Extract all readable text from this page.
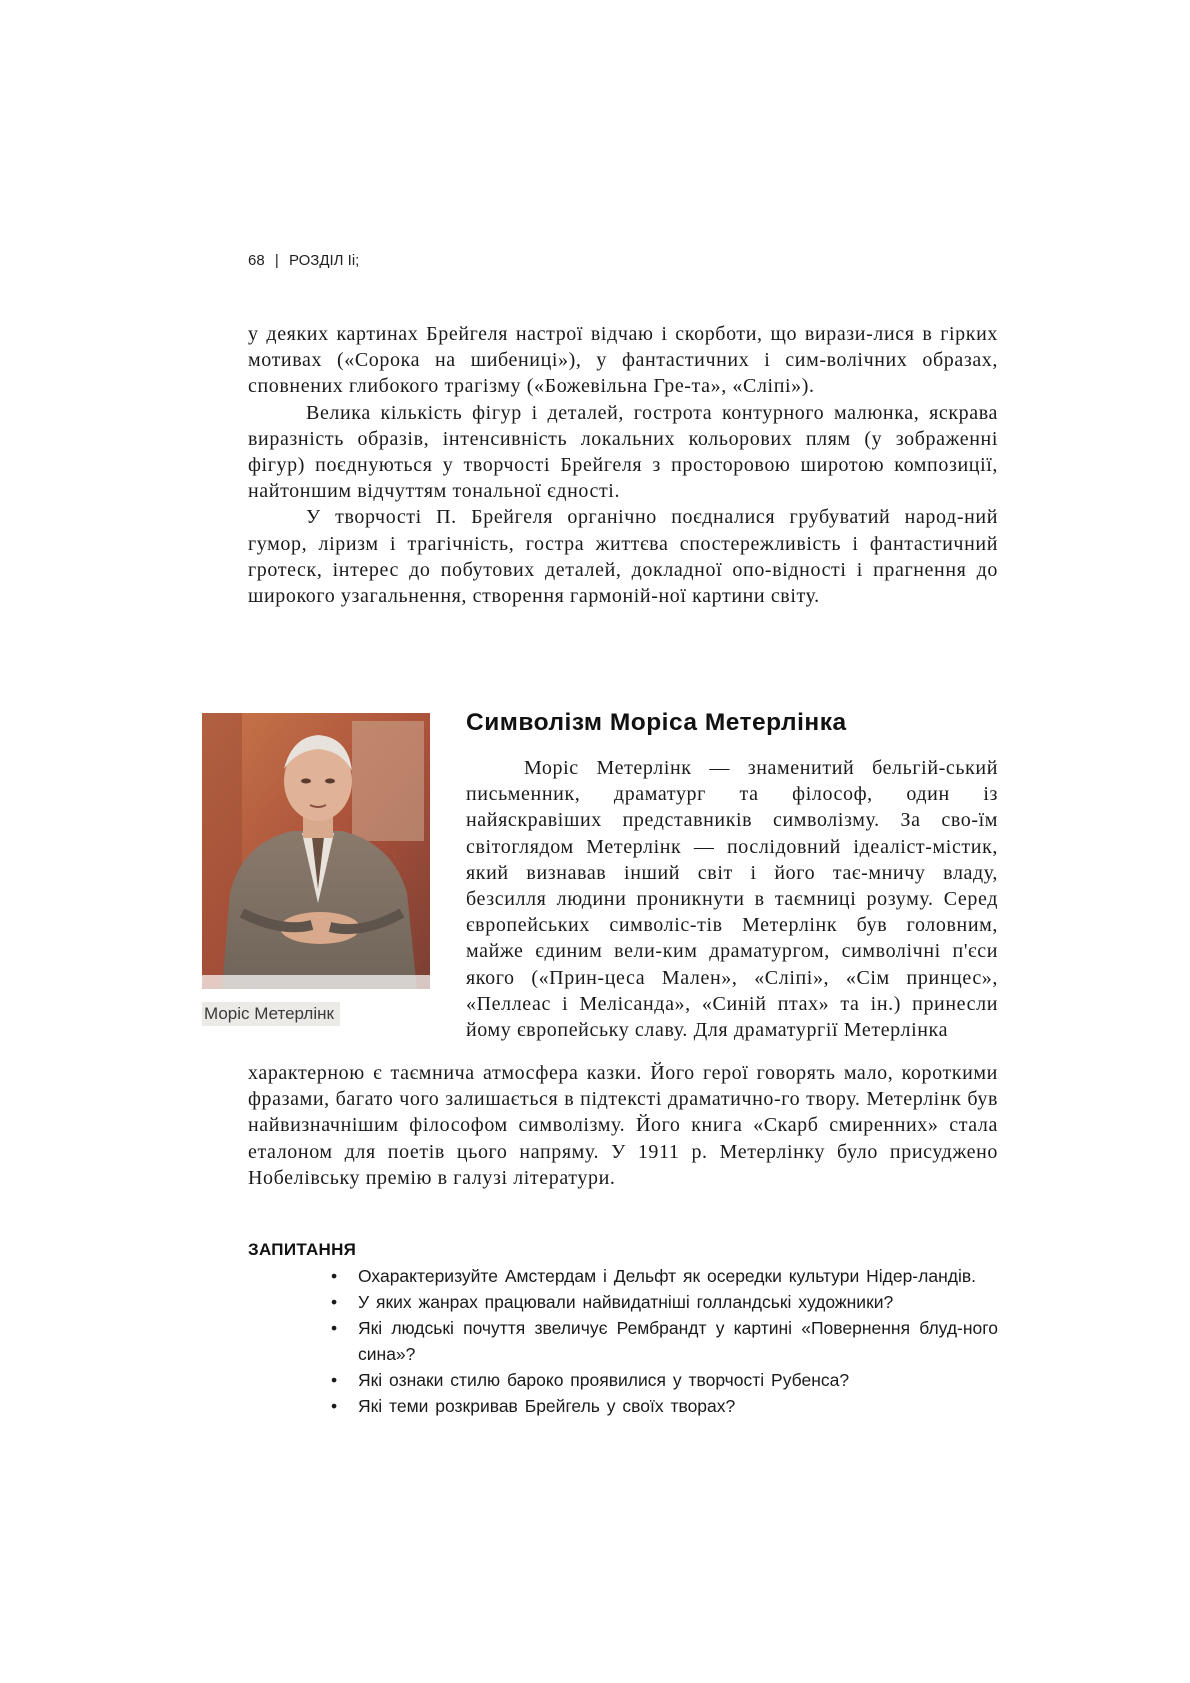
68 | РОЗДІЛ Ii;

у деяких картинах Брейгеля настрої відчаю і скорботи, що вирази-лися в гірких мотивах («Сорока на шибениці»), у фантастичних і сим-волічних образах, сповнених глибокого трагізму («Божевільна Гре-та», «Сліпі»).

Велика кількість фігур і деталей, гострота контурного малюнка, яскрава виразність образів, інтенсивність локальних кольорових плям (у зображенні фігур) поєднуються у творчості Брейгеля з просторовою широтою композиції, найтоншим відчуттям тональної єдності.

У творчості П. Брейгеля органічно поєдналися грубуватий народ-ний гумор, ліризм і трагічність, гостра життєва спостережливість і фантастичний гротеск, інтерес до побутових деталей, докладної опо-відності і прагнення до широкого узагальнення, створення гармоній-ної картини світу.

Моріс Метерлінк
Символізм Моріса Метерлінка

Моріс Метерлінк — знаменитий бельгій-ський письменник, драматург та філософ, один із найяскравіших представників символізму. За сво-їм світоглядом Метерлінк — послідовний ідеаліст-містик, який визнавав інший світ і його тає-мничу владу, безсилля людини проникнути в таємниці розуму. Серед європейських символіс-тів Метерлінк був головним, майже єдиним вели-ким драматургом, символічні п'єси якого («Прин-цеса Мален», «Сліпі», «Сім принцес», «Пеллеас і Мелісанда», «Синій птах» та ін.) принесли йому європейську славу. Для драматургії Метерлінка

характерною є таємнича атмосфера казки. Його герої говорять мало, короткими фразами, багато чого залишається в підтексті драматично-го твору. Метерлінк був найвизначнішим філософом символізму. Його книга «Скарб смиренних» стала еталоном для поетів цього напряму. У 1911 р. Метерлінку було присуджено Нобелівську премію в галузі літератури.

ЗАПИТАННЯ
• Охарактеризуйте Амстердам і Дельфт як осередки культури Нідер-ландів.
• У яких жанрах працювали найвидатніші голландські художники?
• Які людські почуття звеличує Рембрандт у картині «Повернення блуд-ного сина»?
• Які ознаки стилю бароко проявилися у творчості Рубенса?
• Які теми розкривав Брейгель у своїх творах?
